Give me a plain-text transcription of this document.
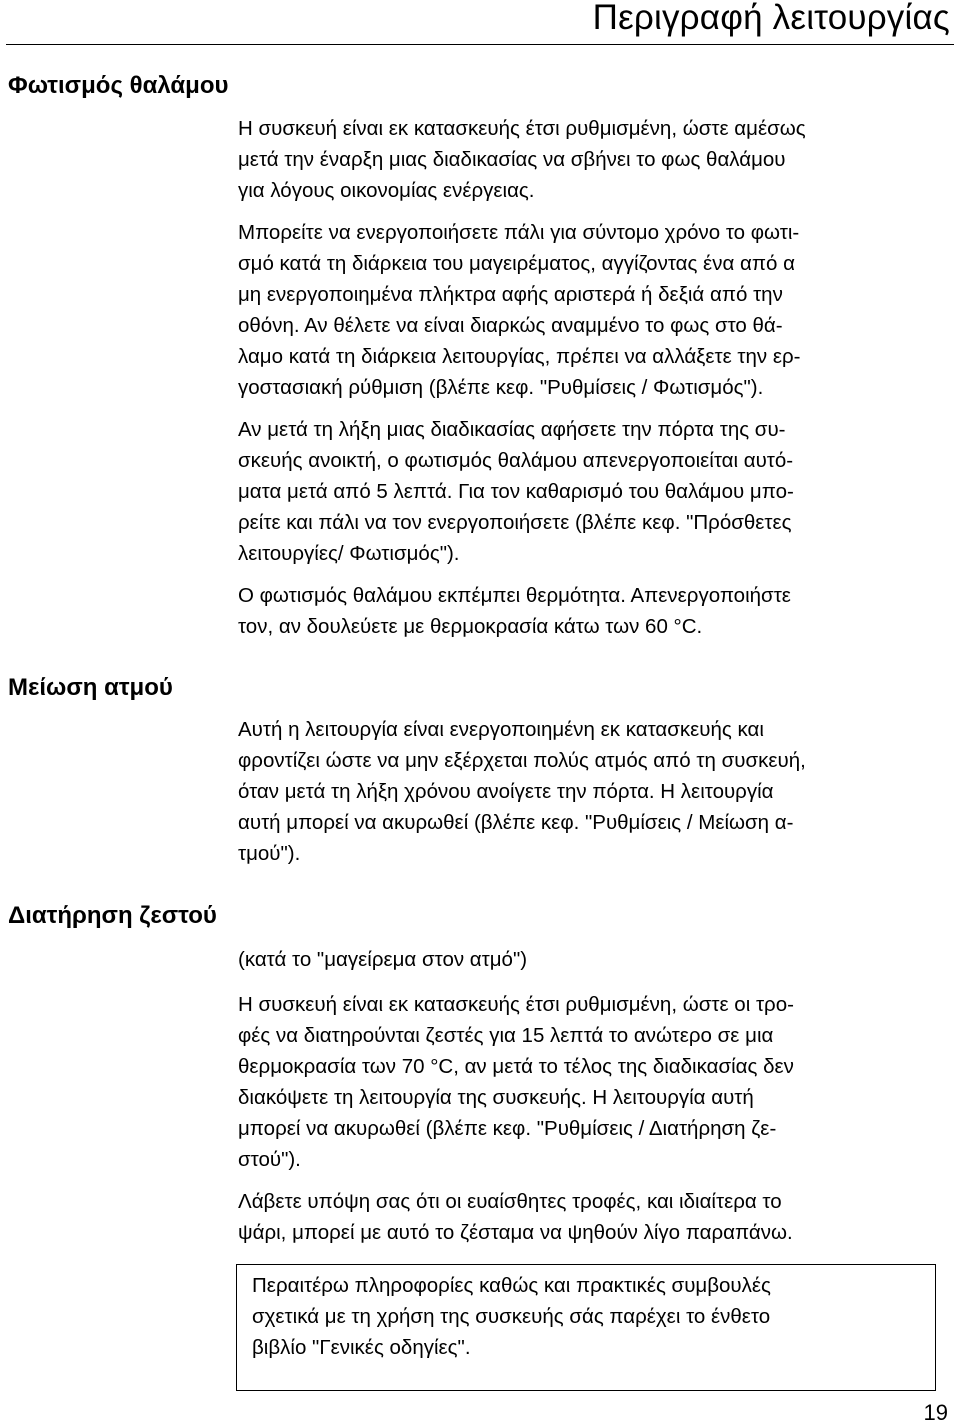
Περιγραφή λειτουργίας
Φωτισμός θαλάμου

Η συσκευή είναι εκ κατασκευής έτσι ρυθμισμένη, ώστε αμέσως
μετά την έναρξη μιας διαδικασίας να σβήνει το φως θαλάμου
για λόγους οικονομίας ενέργειας.

Μπορείτε να ενεργοποιήσετε πάλι για σύντομο χρόνο το φωτι-
σμό κατά τη διάρκεια του μαγειρέματος, αγγίζοντας ένα από α
μη ενεργοποιημένα πλήκτρα αφής αριστερά ή δεξιά από την
οθόνη. Αν θέλετε να είναι διαρκώς αναμμένο το φως στο θά-
λαμο κατά τη διάρκεια λειτουργίας, πρέπει να αλλάξετε την ερ-
γοστασιακή ρύθμιση (βλέπε κεφ. "Ρυθμίσεις / Φωτισμός").

Αν μετά τη λήξη μιας διαδικασίας αφήσετε την πόρτα της συ-
σκευής ανοικτή, ο φωτισμός θαλάμου απενεργοποιείται αυτό-
ματα μετά από 5 λεπτά. Για τον καθαρισμό του θαλάμου μπο-
ρείτε και πάλι να τον ενεργοποιήσετε (βλέπε κεφ. "Πρόσθετες
λειτουργίες/ Φωτισμός").

Ο φωτισμός θαλάμου εκπέμπει θερμότητα. Απενεργοποιήστε
τον, αν δουλεύετε με θερμοκρασία κάτω των 60 °C.

Μείωση ατμού

Αυτή η λειτουργία είναι ενεργοποιημένη εκ κατασκευής και
φροντίζει ώστε να μην εξέρχεται πολύς ατμός από τη συσκευή,
όταν μετά τη λήξη χρόνου ανοίγετε την πόρτα. Η λειτουργία
αυτή μπορεί να ακυρωθεί (βλέπε κεφ. "Ρυθμίσεις / Μείωση α-
τμού").

Διατήρηση ζεστού

(κατά το "μαγείρεμα στον ατμό")

Η συσκευή είναι εκ κατασκευής έτσι ρυθμισμένη, ώστε οι τρο-
φές να διατηρούνται ζεστές για 15 λεπτά το ανώτερο σε μια
θερμοκρασία των 70 °C, αν μετά το τέλος της διαδικασίας δεν
διακόψετε τη λειτουργία της συσκευής. Η λειτουργία αυτή
μπορεί να ακυρωθεί (βλέπε κεφ. "Ρυθμίσεις / Διατήρηση ζε-
στού").

Λάβετε υπόψη σας ότι οι ευαίσθητες τροφές, και ιδιαίτερα το
ψάρι, μπορεί με αυτό το ζέσταμα να ψηθούν λίγο παραπάνω.

Περαιτέρω πληροφορίες καθώς και πρακτικές συμβουλές
σχετικά με τη χρήση της συσκευής σάς παρέχει το ένθετο
βιβλίο "Γενικές οδηγίες".
19
